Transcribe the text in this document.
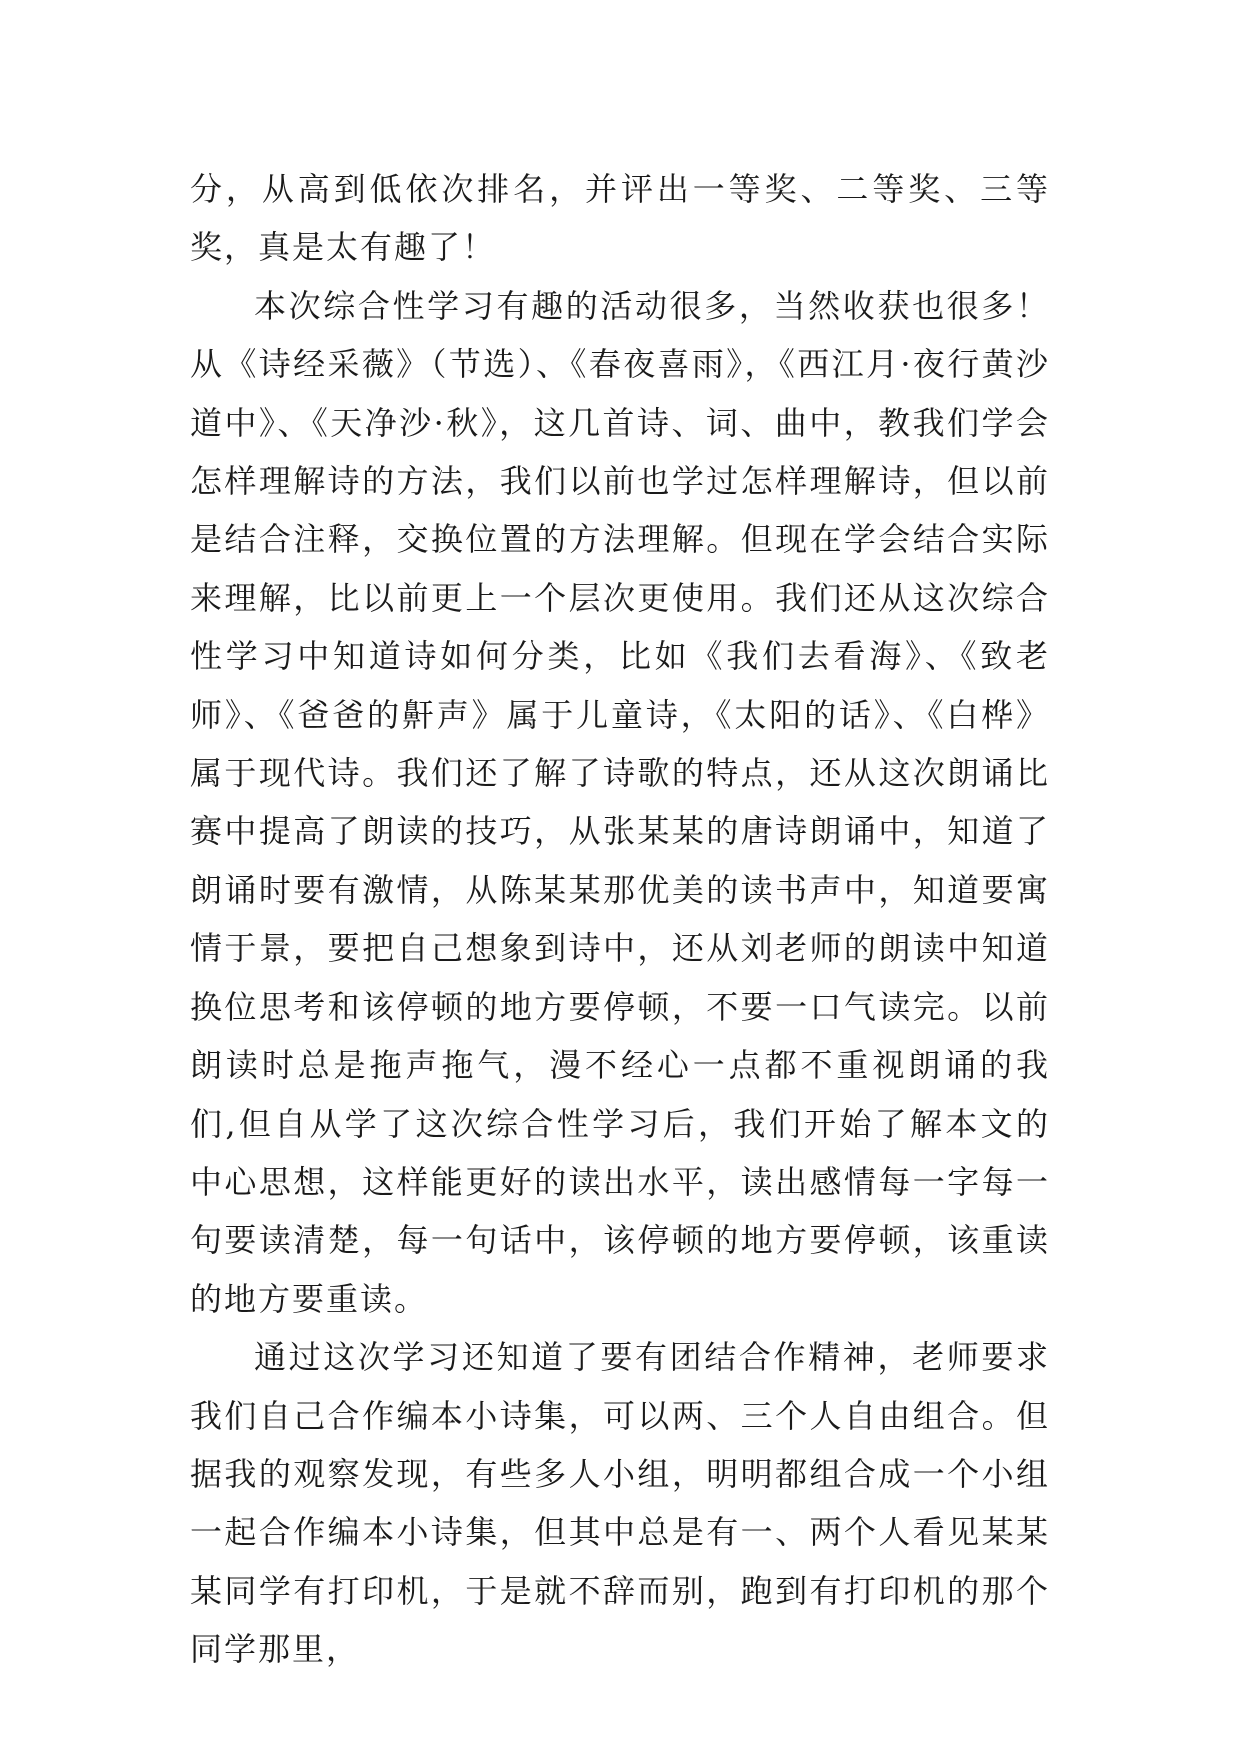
分，从高到低依次排名，并评出一等奖、二等奖、三等奖，真是太有趣了！

本次综合性学习有趣的活动很多，当然收获也很多！从《诗经采薇》（节选）、《春夜喜雨》，《西江月·夜行黄沙道中》、《天净沙·秋》，这几首诗、词、曲中，教我们学会怎样理解诗的方法，我们以前也学过怎样理解诗，但以前是结合注释，交换位置的方法理解。但现在学会结合实际来理解，比以前更上一个层次更使用。我们还从这次综合性学习中知道诗如何分类，比如《我们去看海》、《致老师》、《爸爸的鼾声》属于儿童诗，《太阳的话》、《白桦》属于现代诗。我们还了解了诗歌的特点，还从这次朗诵比赛中提高了朗读的技巧，从张某某的唐诗朗诵中，知道了朗诵时要有激情，从陈某某那优美的读书声中，知道要寓情于景，要把自己想象到诗中，还从刘老师的朗读中知道换位思考和该停顿的地方要停顿，不要一口气读完。以前朗读时总是拖声拖气，漫不经心一点都不重视朗诵的我们,但自从学了这次综合性学习后，我们开始了解本文的中心思想，这样能更好的读出水平，读出感情每一字每一句要读清楚，每一句话中，该停顿的地方要停顿，该重读的地方要重读。

通过这次学习还知道了要有团结合作精神，老师要求我们自己合作编本小诗集，可以两、三个人自由组合。但据我的观察发现，有些多人小组，明明都组合成一个小组一起合作编本小诗集，但其中总是有一、两个人看见某某某同学有打印机，于是就不辞而别，跑到有打印机的那个同学那里，
